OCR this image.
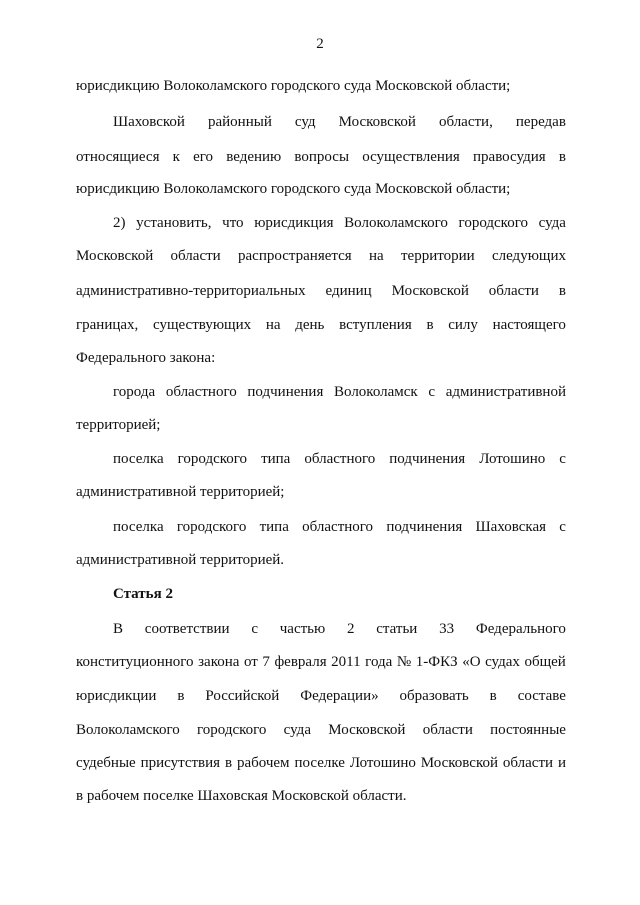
2
юрисдикцию Волоколамского городского суда Московской области;
Шаховской районный суд Московской области, передав
относящиеся к его ведению вопросы осуществления правосудия в
юрисдикцию Волоколамского городского суда Московской области;
2) установить, что юрисдикция Волоколамского городского суда
Московской области распространяется на территории следующих
административно-территориальных единиц Московской области в
границах, существующих на день вступления в силу настоящего
Федерального закона:
города областного подчинения Волоколамск с административной
территорией;
поселка городского типа областного подчинения Лотошино с
административной территорией;
поселка городского типа областного подчинения Шаховская с
административной территорией.
Статья 2
В соответствии с частью 2 статьи 33 Федерального
конституционного закона от 7 февраля 2011 года № 1-ФКЗ «О судах общей
юрисдикции в Российской Федерации» образовать в составе
Волоколамского городского суда Московской области постоянные
судебные присутствия в рабочем поселке Лотошино Московской области и
в рабочем поселке Шаховская Московской области.
